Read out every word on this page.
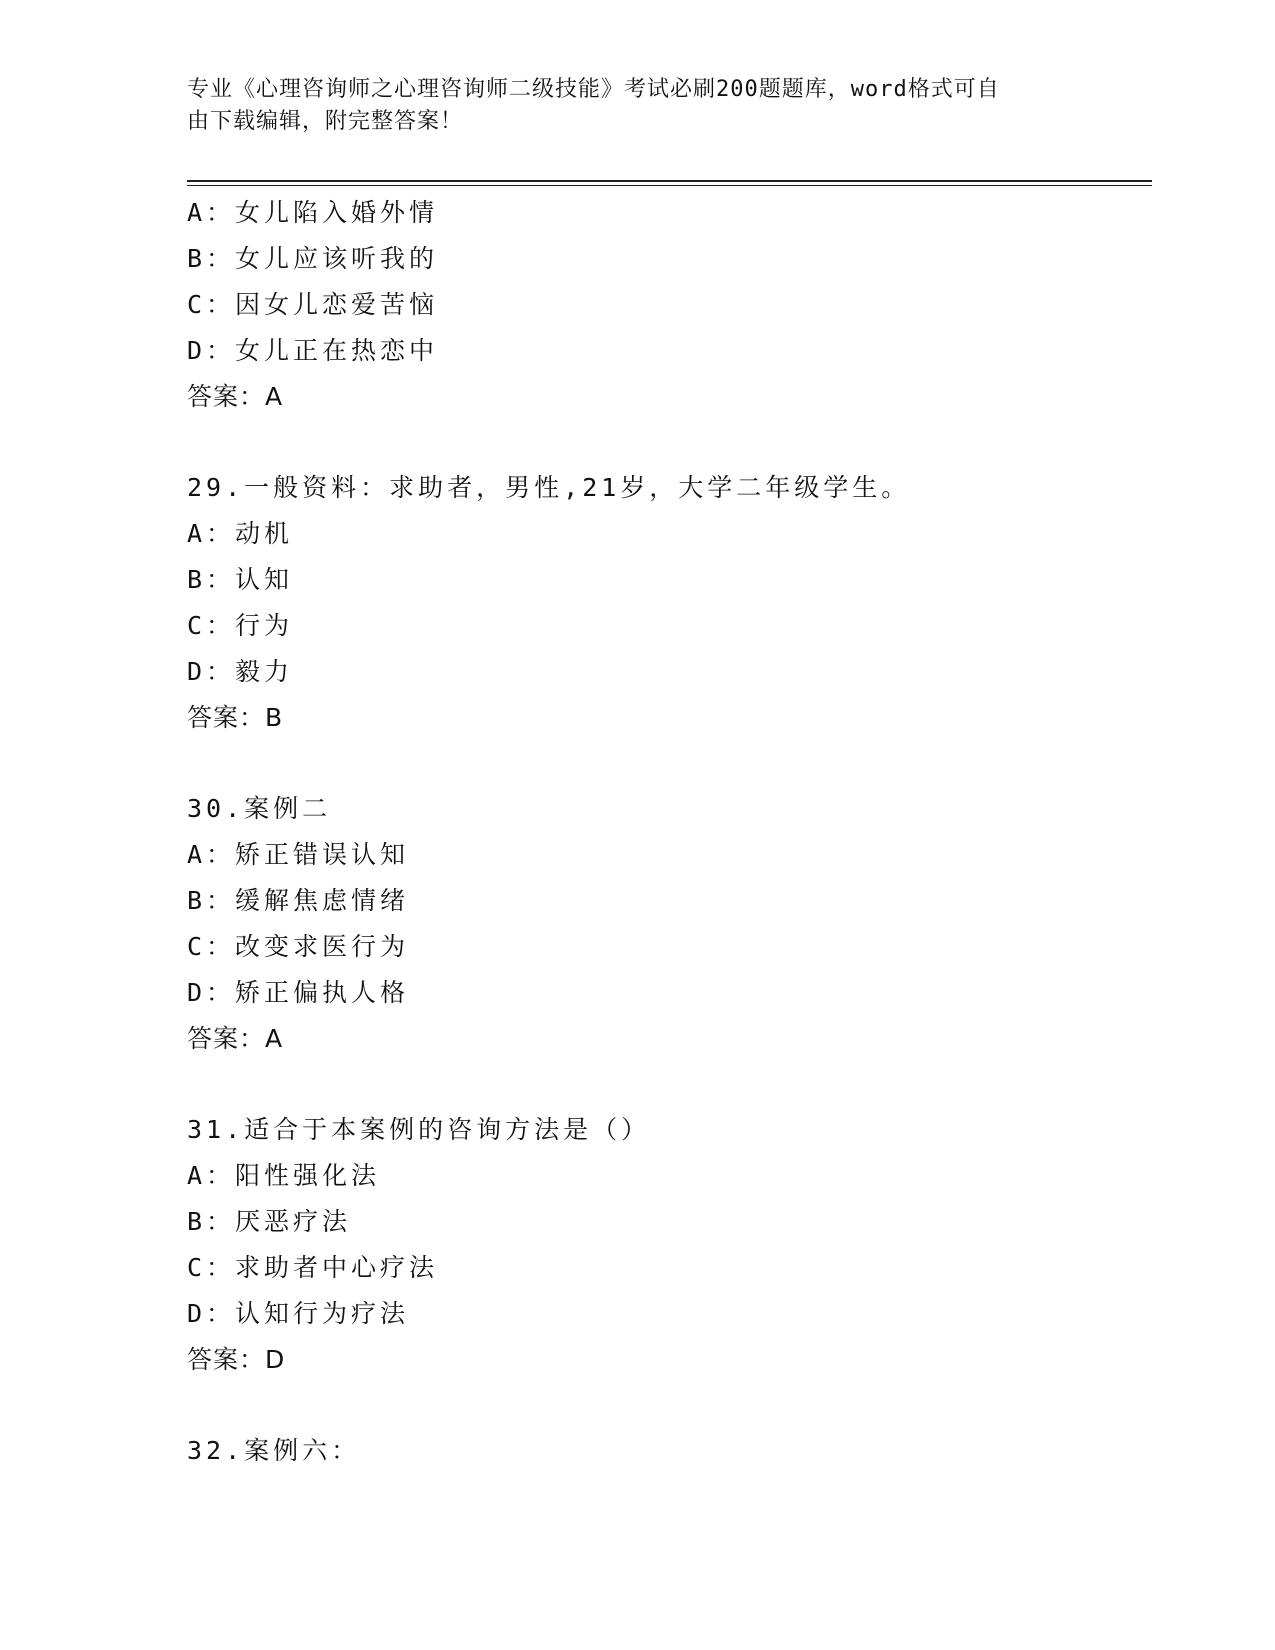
专业《心理咨询师之心理咨询师二级技能》考试必刷200题题库，word格式可自
由下载编辑，附完整答案！
A：女儿陷入婚外情
B：女儿应该听我的
C：因女儿恋爱苦恼
D：女儿正在热恋中
答案：A
29.一般资料：求助者，男性,21岁，大学二年级学生。
A：动机
B：认知
C：行为
D：毅力
答案：B
30.案例二
A：矫正错误认知
B：缓解焦虑情绪
C：改变求医行为
D：矫正偏执人格
答案：A
31.适合于本案例的咨询方法是（）
A：阳性强化法
B：厌恶疗法
C：求助者中心疗法
D：认知行为疗法
答案：D
32.案例六：
